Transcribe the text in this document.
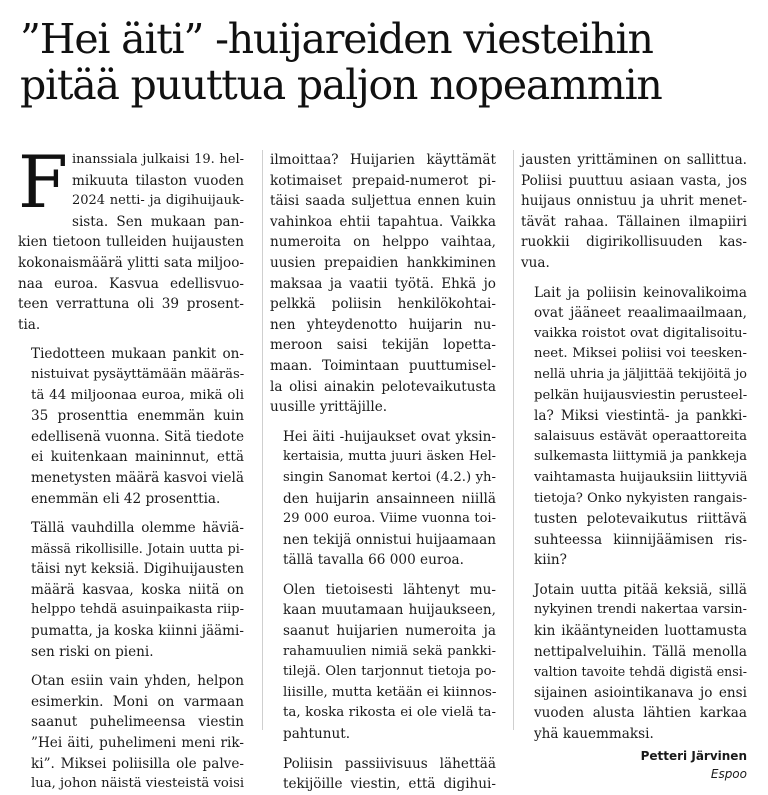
”Hei äiti” -huijareiden viesteihin
pitää puuttua paljon nopeammin

F inanssiala julkaisi 19. hel-
mikuuta tilaston vuoden
2024 netti- ja digihuijauk-
sista. Sen mukaan pan-
kien tietoon tulleiden huijausten
kokonaismäärä ylitti sata miljoo-
naa euroa. Kasvua edellisvuo-
teen verrattuna oli 39 prosent-
tia.

Tiedotteen mukaan pankit on-
nistuivat pysäyttämään määräs-
tä 44 miljoonaa euroa, mikä oli
35 prosenttia enemmän kuin
edellisenä vuonna. Sitä tiedote
ei kuitenkaan maininnut, että
menetysten määrä kasvoi vielä
enemmän eli 42 prosenttia.

Tällä vauhdilla olemme häviä-
mässä rikollisille. Jotain uutta pi-
täisi nyt keksiä. Digihuijausten
määrä kasvaa, koska niitä on
helppo tehdä asuinpaikasta riip-
pumatta, ja koska kiinni jäämi-
sen riski on pieni.

Otan esiin vain yhden, helpon
esimerkin. Moni on varmaan
saanut puhelimeensa viestin
”Hei äiti, puhelimeni meni rik-
ki”. Miksei poliisilla ole palve-
lua, johon näistä viesteistä voisi

ilmoittaa? Huijarien käyttämät
kotimaiset prepaid-numerot pi-
täisi saada suljettua ennen kuin
vahinkoa ehtii tapahtua. Vaikka
numeroita on helppo vaihtaa,
uusien prepaidien hankkiminen
maksaa ja vaatii työtä. Ehkä jo
pelkkä poliisin henkilökohtai-
nen yhteydenotto huijarin nu-
meroon saisi tekijän lopetta-
maan. Toimintaan puuttumisel-
la olisi ainakin pelotevaikutusta
uusille yrittäjille.

Hei äiti -huijaukset ovat yksin-
kertaisia, mutta juuri äsken Hel-
singin Sanomat kertoi (4.2.) yh-
den huijarin ansainneen niillä
29 000 euroa. Viime vuonna toi-
nen tekijä onnistui huijaamaan
tällä tavalla 66 000 euroa.

Olen tietoisesti lähtenyt mu-
kaan muutamaan huijaukseen,
saanut huijarien numeroita ja
rahamuulien nimiä sekä pankki-
tilejä. Olen tarjonnut tietoja po-
liisille, mutta ketään ei kiinnos-
ta, koska rikosta ei ole vielä ta-
pahtunut.

Poliisin passiivisuus lähettää
tekijöille viestin, että digihui-

jausten yrittäminen on sallittua.
Poliisi puuttuu asiaan vasta, jos
huijaus onnistuu ja uhrit menet-
tävät rahaa. Tällainen ilmapiiri
ruokkii digirikollisuuden kas-
vua.

Lait ja poliisin keinovalikoima
ovat jääneet reaalimaailmaan,
vaikka roistot ovat digitalisoitu-
neet. Miksei poliisi voi teesken-
nellä uhria ja jäljittää tekijöitä jo
pelkän huijausviestin perusteel-
la? Miksi viestintä- ja pankki-
salaisuus estävät operaattoreita
sulkemasta liittymiä ja pankkeja
vaihtamasta huijauksiin liittyviä
tietoja? Onko nykyisten rangais-
tusten pelotevaikutus riittävä
suhteessa kiinnijäämisen ris-
kiin?

Jotain uutta pitää keksiä, sillä
nykyinen trendi nakertaa varsin-
kin ikääntyneiden luottamusta
nettipalveluihin. Tällä menolla
valtion tavoite tehdä digistä ensi-
sijainen asiointikanava jo ensi
vuoden alusta lähtien karkaa
yhä kauemmaksi.

Petteri Järvinen
Espoo
